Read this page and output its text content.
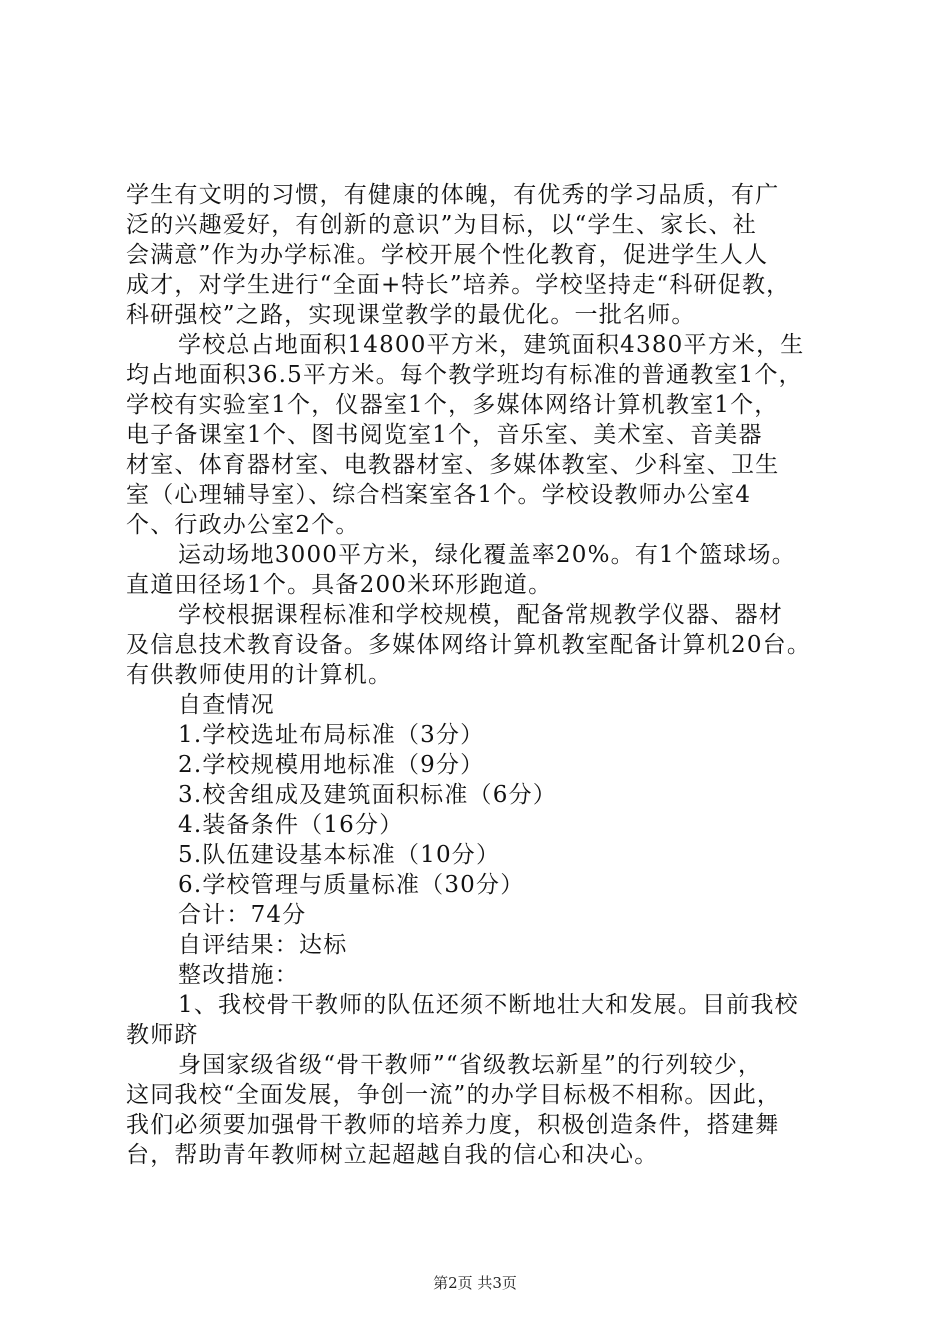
学生有文明的习惯，有健康的体魄，有优秀的学习品质，有广

泛的兴趣爱好，有创新的意识”为目标，以“学生、家长、社

会满意”作为办学标准。学校开展个性化教育，促进学生人人

成才，对学生进行“全面+特长”培养。学校坚持走“科研促教，

科研强校”之路，实现课堂教学的最优化。一批名师。

学校总占地面积14800平方米，建筑面积4380平方米，生

均占地面积36.5平方米。每个教学班均有标准的普通教室1个，

学校有实验室1个，仪器室1个，多媒体网络计算机教室1个，

电子备课室1个、图书阅览室1个，音乐室、美术室、音美器

材室、体育器材室、电教器材室、多媒体教室、少科室、卫生

室（心理辅导室）、综合档案室各1个。学校设教师办公室4

个、行政办公室2个。

运动场地3000平方米，绿化覆盖率20%。有1个篮球场。

直道田径场1个。具备200米环形跑道。

学校根据课程标准和学校规模，配备常规教学仪器、器材

及信息技术教育设备。多媒体网络计算机教室配备计算机20台。

有供教师使用的计算机。

自查情况

1.学校选址布局标准（3分）

2.学校规模用地标准（9分）

3.校舍组成及建筑面积标准（6分）

4.装备条件（16分）

5.队伍建设基本标准（10分）

6.学校管理与质量标准（30分）

合计：74分

自评结果：达标

整改措施：

1、我校骨干教师的队伍还须不断地壮大和发展。目前我校

教师跻

身国家级省级“骨干教师”“省级教坛新星”的行列较少，

这同我校“全面发展，争创一流”的办学目标极不相称。因此，

我们必须要加强骨干教师的培养力度，积极创造条件，搭建舞

台，帮助青年教师树立起超越自我的信心和决心。

第2页 共3页
